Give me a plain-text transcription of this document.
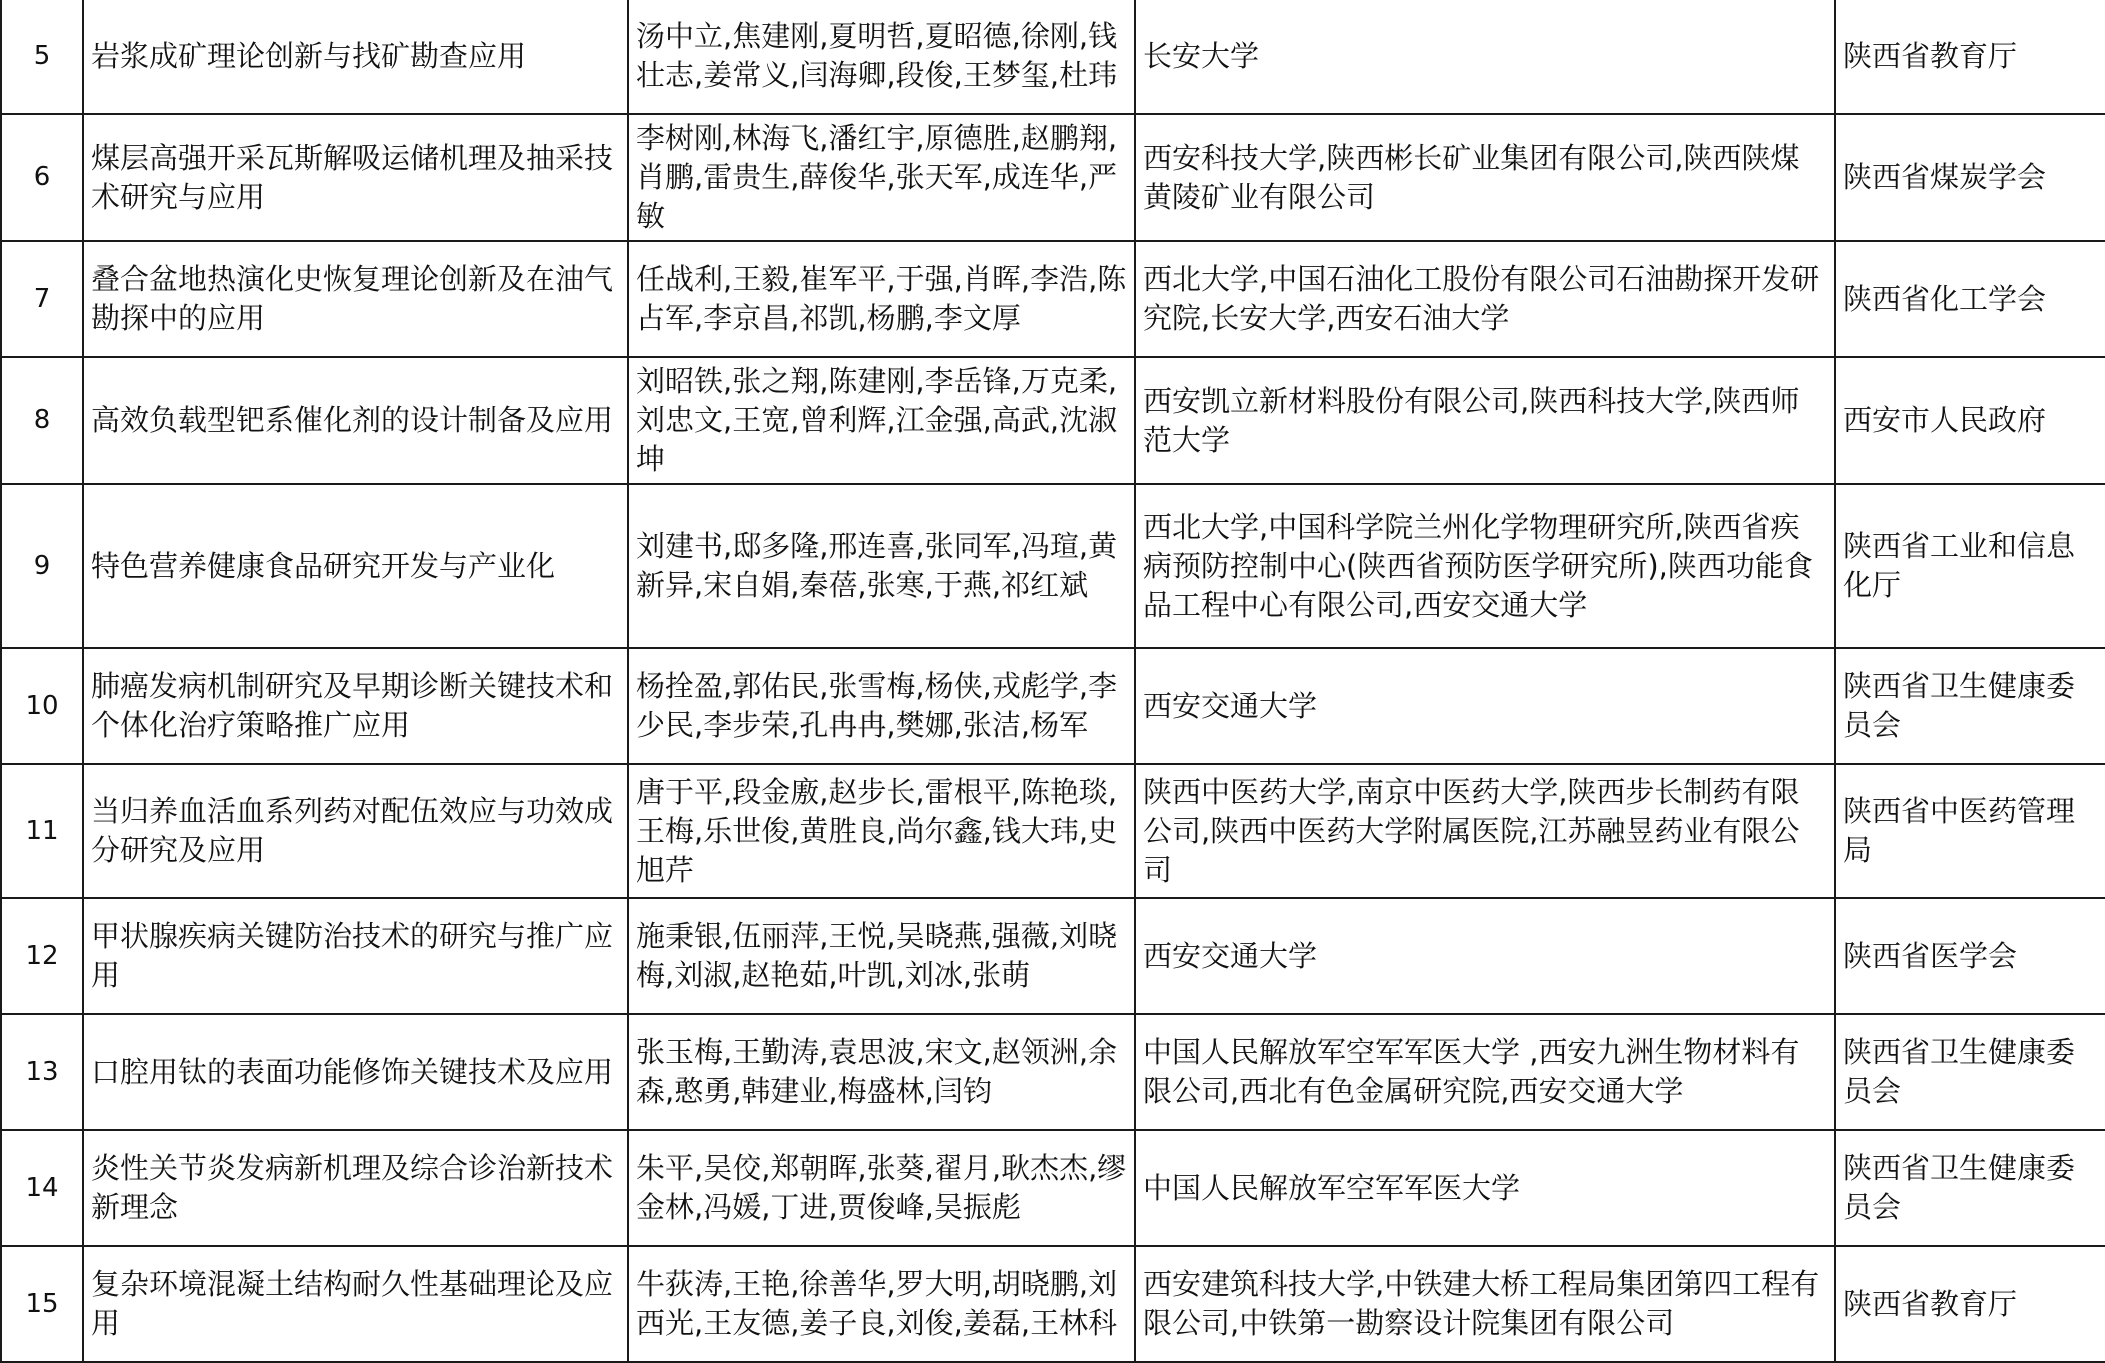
5	岩浆成矿理论创新与找矿勘查应用	汤中立,焦建刚,夏明哲,夏昭德,徐刚,钱壮志,姜常义,闫海卿,段俊,王梦玺,杜玮	长安大学	陕西省教育厅
6	煤层高强开采瓦斯解吸运储机理及抽采技术研究与应用	李树刚,林海飞,潘红宇,原德胜,赵鹏翔,肖鹏,雷贵生,薛俊华,张天军,成连华,严敏	西安科技大学,陕西彬长矿业集团有限公司,陕西陕煤黄陵矿业有限公司	陕西省煤炭学会
7	叠合盆地热演化史恢复理论创新及在油气勘探中的应用	任战利,王毅,崔军平,于强,肖晖,李浩,陈占军,李京昌,祁凯,杨鹏,李文厚	西北大学,中国石油化工股份有限公司石油勘探开发研究院,长安大学,西安石油大学	陕西省化工学会
8	高效负载型钯系催化剂的设计制备及应用	刘昭铁,张之翔,陈建刚,李岳锋,万克柔,刘忠文,王宽,曾利辉,江金强,高武,沈淑坤	西安凯立新材料股份有限公司,陕西科技大学,陕西师范大学	西安市人民政府
9	特色营养健康食品研究开发与产业化	刘建书,邸多隆,邢连喜,张同军,冯瑄,黄新异,宋自娟,秦蓓,张寒,于燕,祁红斌	西北大学,中国科学院兰州化学物理研究所,陕西省疾病预防控制中心(陕西省预防医学研究所),陕西功能食品工程中心有限公司,西安交通大学	陕西省工业和信息化厅
10	肺癌发病机制研究及早期诊断关键技术和个体化治疗策略推广应用	杨拴盈,郭佑民,张雪梅,杨侠,戎彪学,李少民,李步荣,孔冉冉,樊娜,张洁,杨军	西安交通大学	陕西省卫生健康委员会
11	当归养血活血系列药对配伍效应与功效成分研究及应用	唐于平,段金廒,赵步长,雷根平,陈艳琰,王梅,乐世俊,黄胜良,尚尔鑫,钱大玮,史旭芹	陕西中医药大学,南京中医药大学,陕西步长制药有限公司,陕西中医药大学附属医院,江苏融昱药业有限公司	陕西省中医药管理局
12	甲状腺疾病关键防治技术的研究与推广应用	施秉银,伍丽萍,王悦,吴晓燕,强薇,刘晓梅,刘淑,赵艳茹,叶凯,刘冰,张萌	西安交通大学	陕西省医学会
13	口腔用钛的表面功能修饰关键技术及应用	张玉梅,王勤涛,袁思波,宋文,赵领洲,余森,憨勇,韩建业,梅盛林,闫钧	中国人民解放军空军军医大学 ,西安九洲生物材料有限公司,西北有色金属研究院,西安交通大学	陕西省卫生健康委员会
14	炎性关节炎发病新机理及综合诊治新技术新理念	朱平,吴佼,郑朝晖,张葵,翟月,耿杰杰,缪金林,冯媛,丁进,贾俊峰,吴振彪	中国人民解放军空军军医大学	陕西省卫生健康委员会
15	复杂环境混凝土结构耐久性基础理论及应用	牛荻涛,王艳,徐善华,罗大明,胡晓鹏,刘西光,王友德,姜子良,刘俊,姜磊,王林科	西安建筑科技大学,中铁建大桥工程局集团第四工程有限公司,中铁第一勘察设计院集团有限公司	陕西省教育厅
